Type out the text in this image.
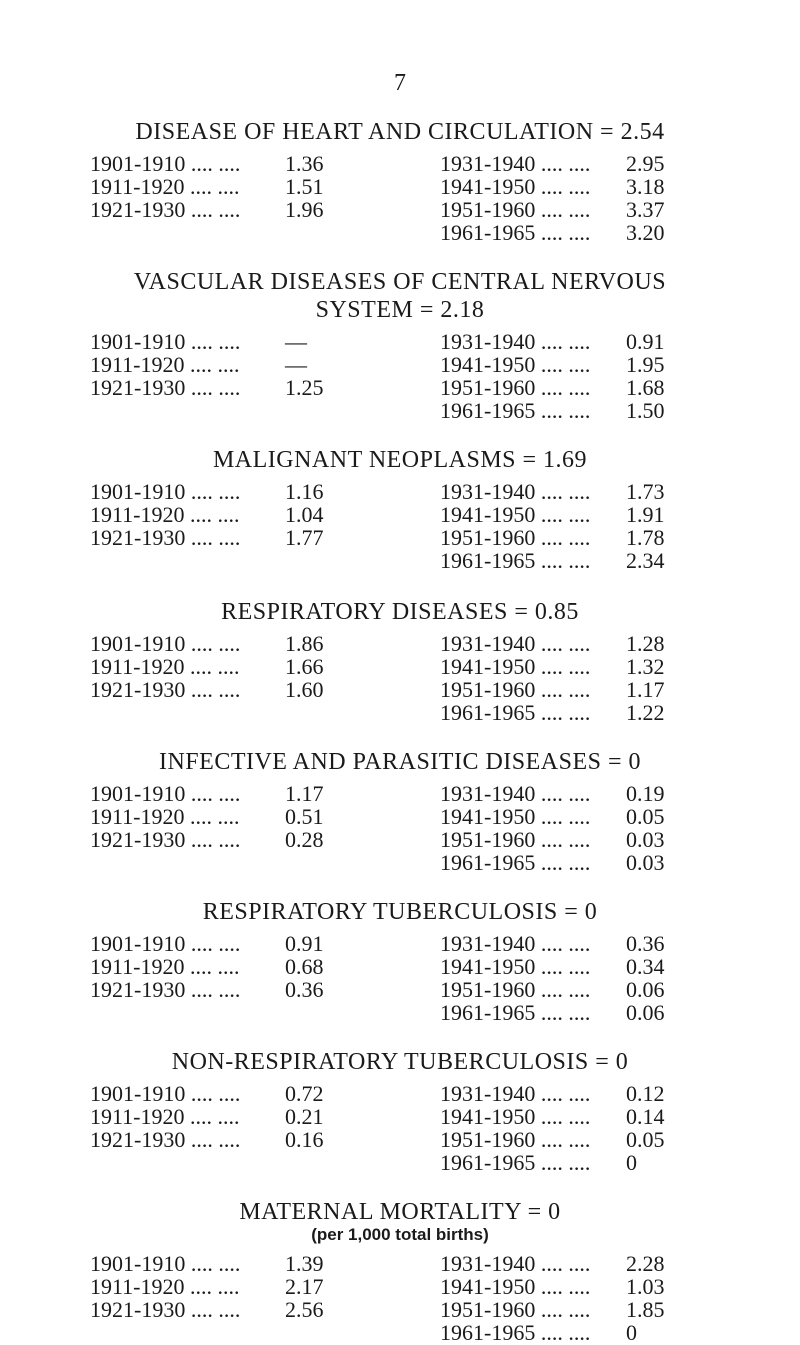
7
DISEASE OF HEART AND CIRCULATION = 2.54
1901-1910 .... .... 1.36	1931-1940 .... .... 2.95
1911-1920 .... .... 1.51	1941-1950 .... .... 3.18
1921-1930 .... .... 1.96	1951-1960 .... .... 3.37
1961-1965 .... .... 3.20
VASCULAR DISEASES OF CENTRAL NERVOUS
SYSTEM = 2.18
1901-1910 .... .... —	1931-1940 .... .... 0.91
1911-1920 .... .... —	1941-1950 .... .... 1.95
1921-1930 .... .... 1.25	1951-1960 .... .... 1.68
1961-1965 .... .... 1.50
MALIGNANT NEOPLASMS = 1.69
1901-1910 .... .... 1.16	1931-1940 .... .... 1.73
1911-1920 .... .... 1.04	1941-1950 .... .... 1.91
1921-1930 .... .... 1.77	1951-1960 .... .... 1.78
1961-1965 .... .... 2.34
RESPIRATORY DISEASES = 0.85
1901-1910 .... .... 1.86	1931-1940 .... .... 1.28
1911-1920 .... .... 1.66	1941-1950 .... .... 1.32
1921-1930 .... .... 1.60	1951-1960 .... .... 1.17
1961-1965 .... .... 1.22
INFECTIVE AND PARASITIC DISEASES = 0
1901-1910 .... .... 1.17	1931-1940 .... .... 0.19
1911-1920 .... .... 0.51	1941-1950 .... .... 0.05
1921-1930 .... .... 0.28	1951-1960 .... .... 0.03
1961-1965 .... .... 0.03
RESPIRATORY TUBERCULOSIS = 0
1901-1910 .... .... 0.91	1931-1940 .... .... 0.36
1911-1920 .... .... 0.68	1941-1950 .... .... 0.34
1921-1930 .... .... 0.36	1951-1960 .... .... 0.06
1961-1965 .... .... 0.06
NON-RESPIRATORY TUBERCULOSIS = 0
1901-1910 .... .... 0.72	1931-1940 .... .... 0.12
1911-1920 .... .... 0.21	1941-1950 .... .... 0.14
1921-1930 .... .... 0.16	1951-1960 .... .... 0.05
1961-1965 .... .... 0
MATERNAL MORTALITY = 0
(per 1,000 total births)
1901-1910 .... .... 1.39	1931-1940 .... .... 2.28
1911-1920 .... .... 2.17	1941-1950 .... .... 1.03
1921-1930 .... .... 2.56	1951-1960 .... .... 1.85
1961-1965 .... .... 0
